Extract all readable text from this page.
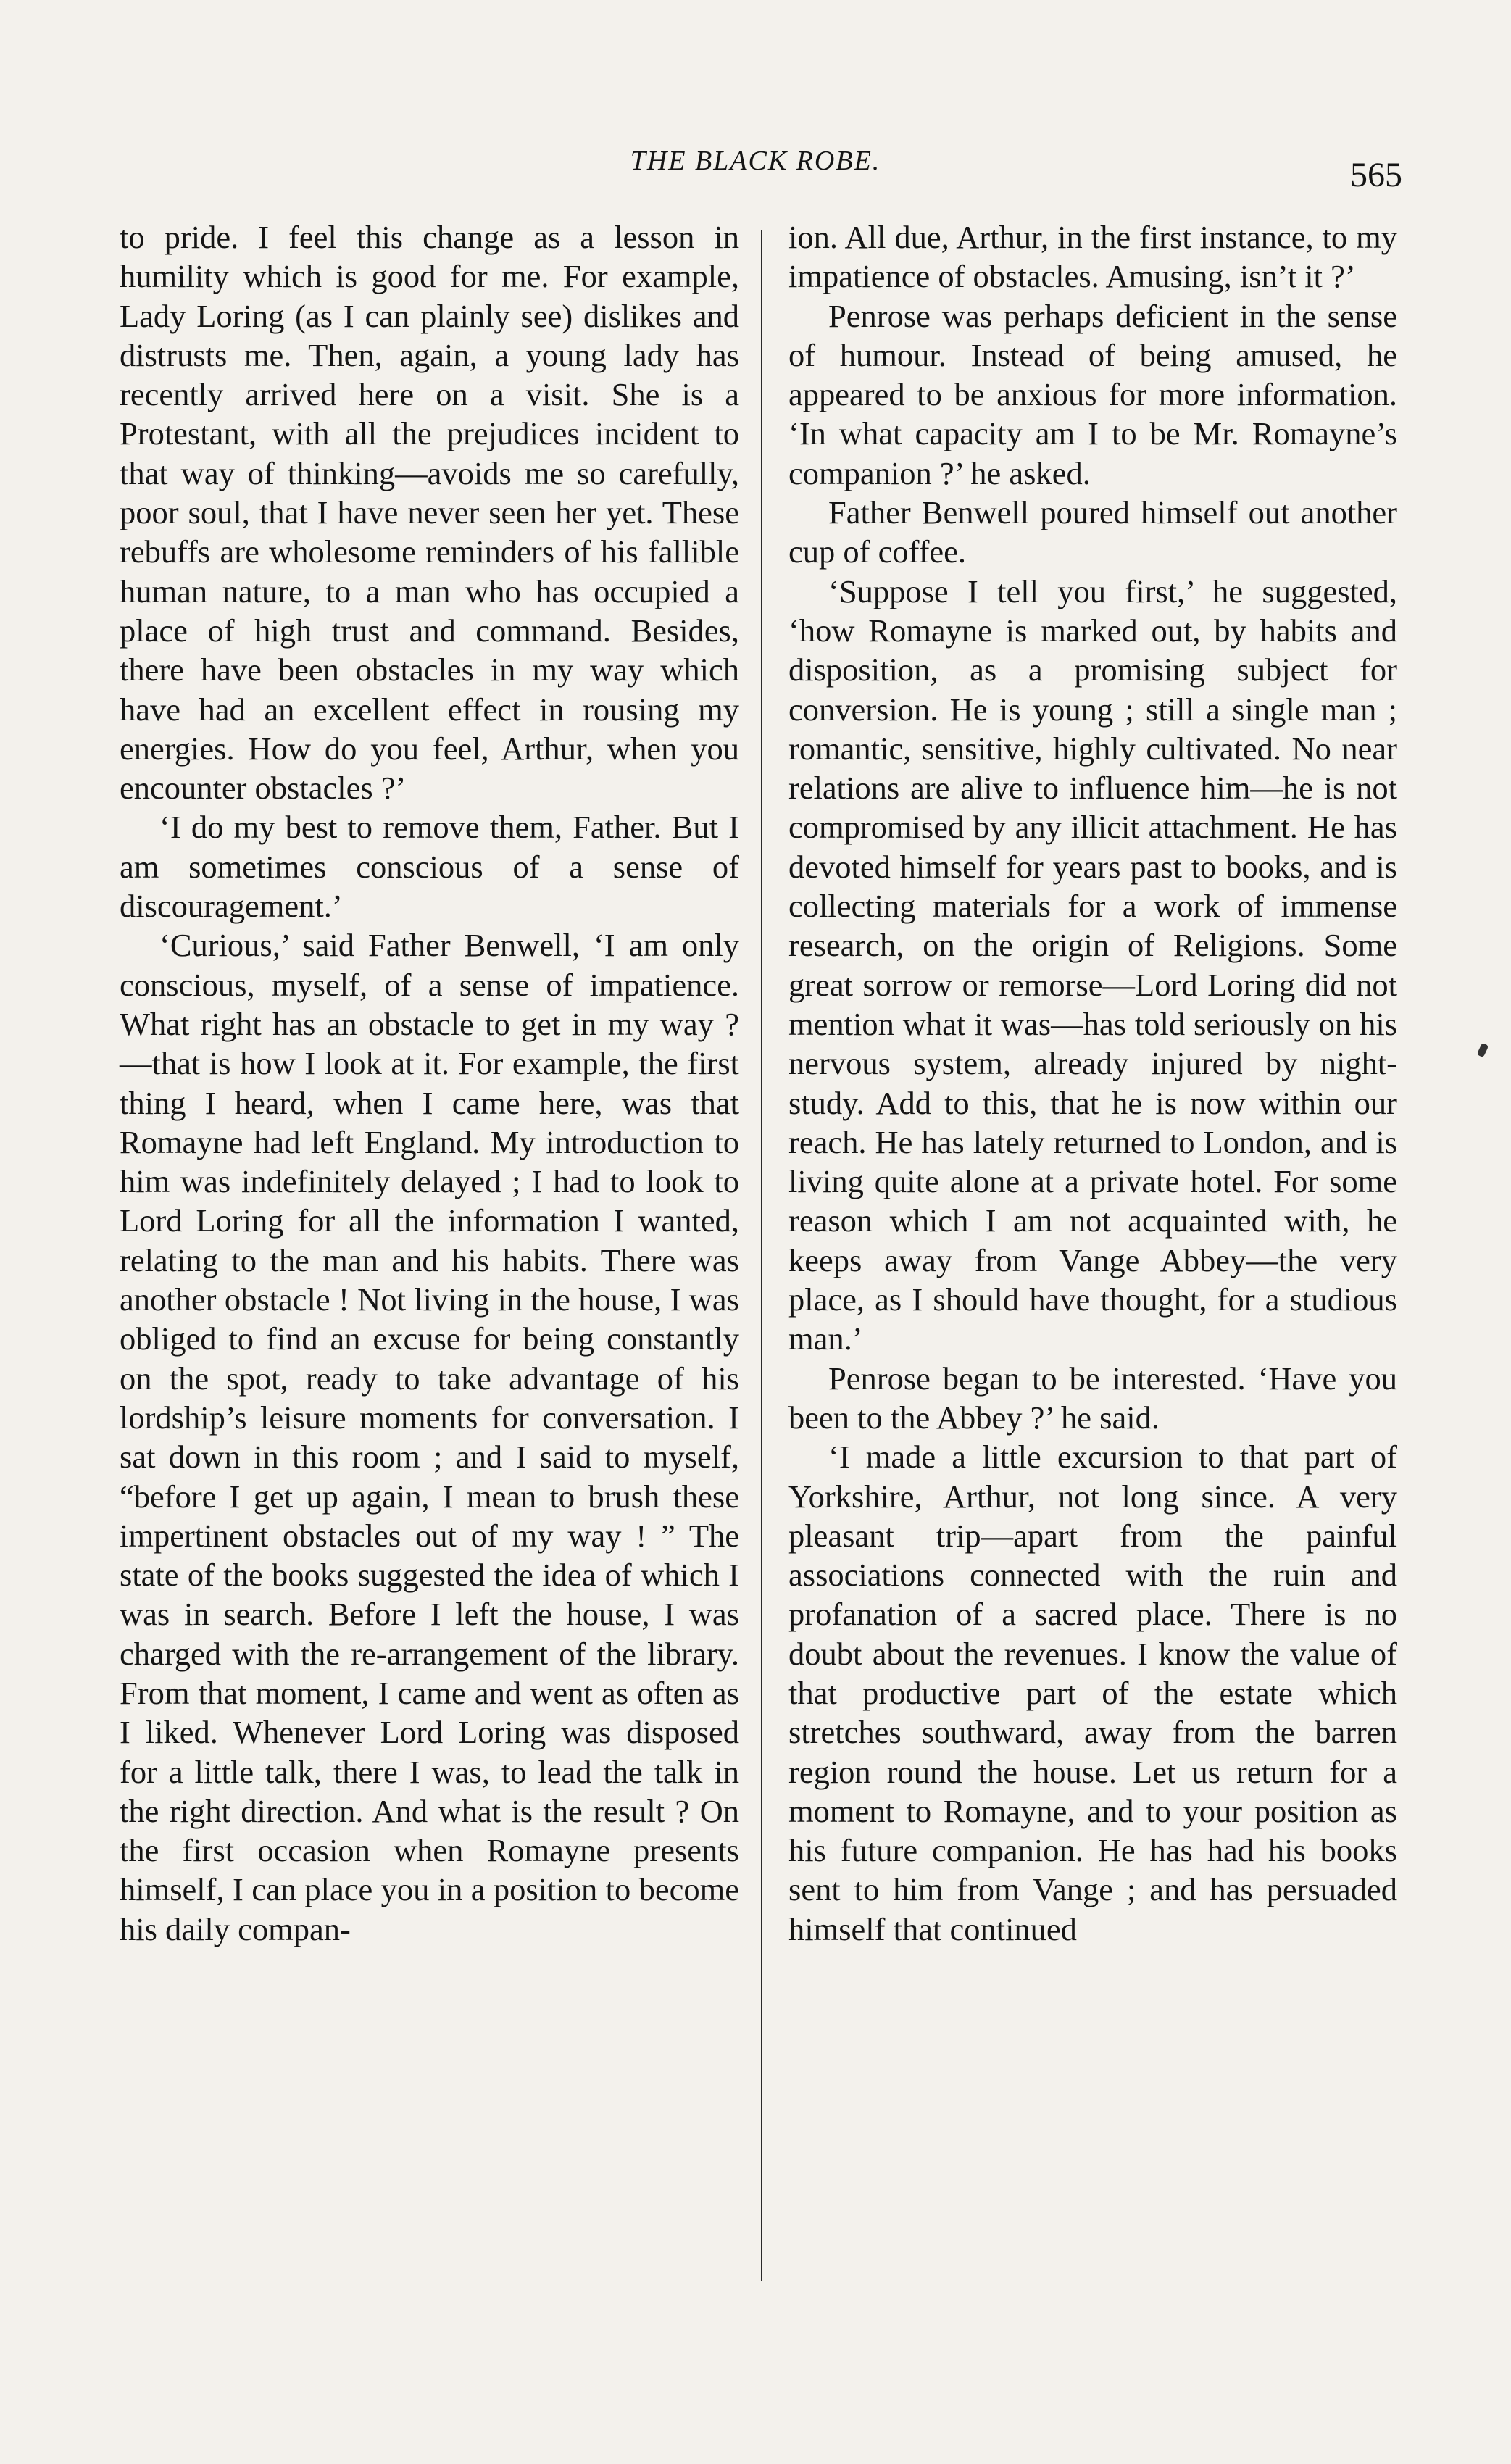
THE BLACK ROBE.	565

to pride. I feel this change as a lesson in humility which is good for me. For example, Lady Loring (as I can plainly see) dislikes and distrusts me. Then, again, a young lady has recently arrived here on a visit. She is a Protestant, with all the prejudices incident to that way of thinking—avoids me so carefully, poor soul, that I have never seen her yet. These rebuffs are wholesome reminders of his fallible human nature, to a man who has occupied a place of high trust and command. Besides, there have been obstacles in my way which have had an excellent effect in rousing my energies. How do you feel, Arthur, when you encounter obstacles ?’

‘I do my best to remove them, Father. But I am sometimes conscious of a sense of discouragement.’

‘Curious,’ said Father Benwell, ‘I am only conscious, myself, of a sense of impatience. What right has an obstacle to get in my way ?—that is how I look at it. For example, the first thing I heard, when I came here, was that Romayne had left England. My introduction to him was indefinitely delayed ; I had to look to Lord Loring for all the information I wanted, relating to the man and his habits. There was another obstacle ! Not living in the house, I was obliged to find an excuse for being constantly on the spot, ready to take advantage of his lordship’s leisure moments for conversation. I sat down in this room ; and I said to myself, “before I get up again, I mean to brush these impertinent obstacles out of my way ! ” The state of the books suggested the idea of which I was in search. Before I left the house, I was charged with the re-arrangement of the library. From that moment, I came and went as often as I liked. Whenever Lord Loring was disposed for a little talk, there I was, to lead the talk in the right direction. And what is the result ? On the first occasion when Romayne presents himself, I can place you in a position to become his daily compan-

ion. All due, Arthur, in the first instance, to my impatience of obstacles. Amusing, isn’t it ?’

Penrose was perhaps deficient in the sense of humour. Instead of being amused, he appeared to be anxious for more information. ‘In what capacity am I to be Mr. Romayne’s companion ?’ he asked.

Father Benwell poured himself out another cup of coffee.

‘Suppose I tell you first,’ he suggested, ‘how Romayne is marked out, by habits and disposition, as a promising subject for conversion. He is young ; still a single man ; romantic, sensitive, highly cultivated. No near relations are alive to influence him—he is not compromised by any illicit attachment. He has devoted himself for years past to books, and is collecting materials for a work of immense research, on the origin of Religions. Some great sorrow or remorse—Lord Loring did not mention what it was—has told seriously on his nervous system, already injured by night-study. Add to this, that he is now within our reach. He has lately returned to London, and is living quite alone at a private hotel. For some reason which I am not acquainted with, he keeps away from Vange Abbey—the very place, as I should have thought, for a studious man.’

Penrose began to be interested. ‘Have you been to the Abbey ?’ he said.

‘I made a little excursion to that part of Yorkshire, Arthur, not long since. A very pleasant trip—apart from the painful associations connected with the ruin and profanation of a sacred place. There is no doubt about the revenues. I know the value of that productive part of the estate which stretches southward, away from the barren region round the house. Let us return for a moment to Romayne, and to your position as his future companion. He has had his books sent to him from Vange ; and has persuaded himself that continued
